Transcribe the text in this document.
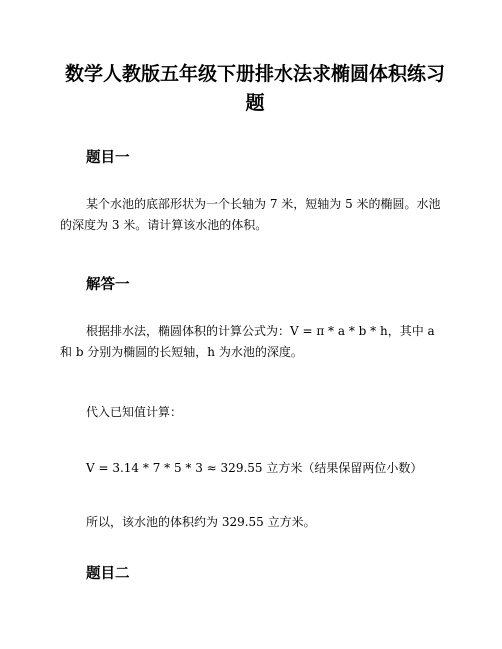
数学人教版五年级下册排水法求椭圆体积练习题
题目一

某个水池的底部形状为一个长轴为 7 米，短轴为 5 米的椭圆。水池的深度为 3 米。请计算该水池的体积。

解答一

根据排水法，椭圆体积的计算公式为：V = π * a * b * h，其中 a 和 b 分别为椭圆的长短轴，h 为水池的深度。

代入已知值计算：

V = 3.14 * 7 * 5 * 3 ≈ 329.55 立方米（结果保留两位小数）

所以，该水池的体积约为 329.55 立方米。

题目二
